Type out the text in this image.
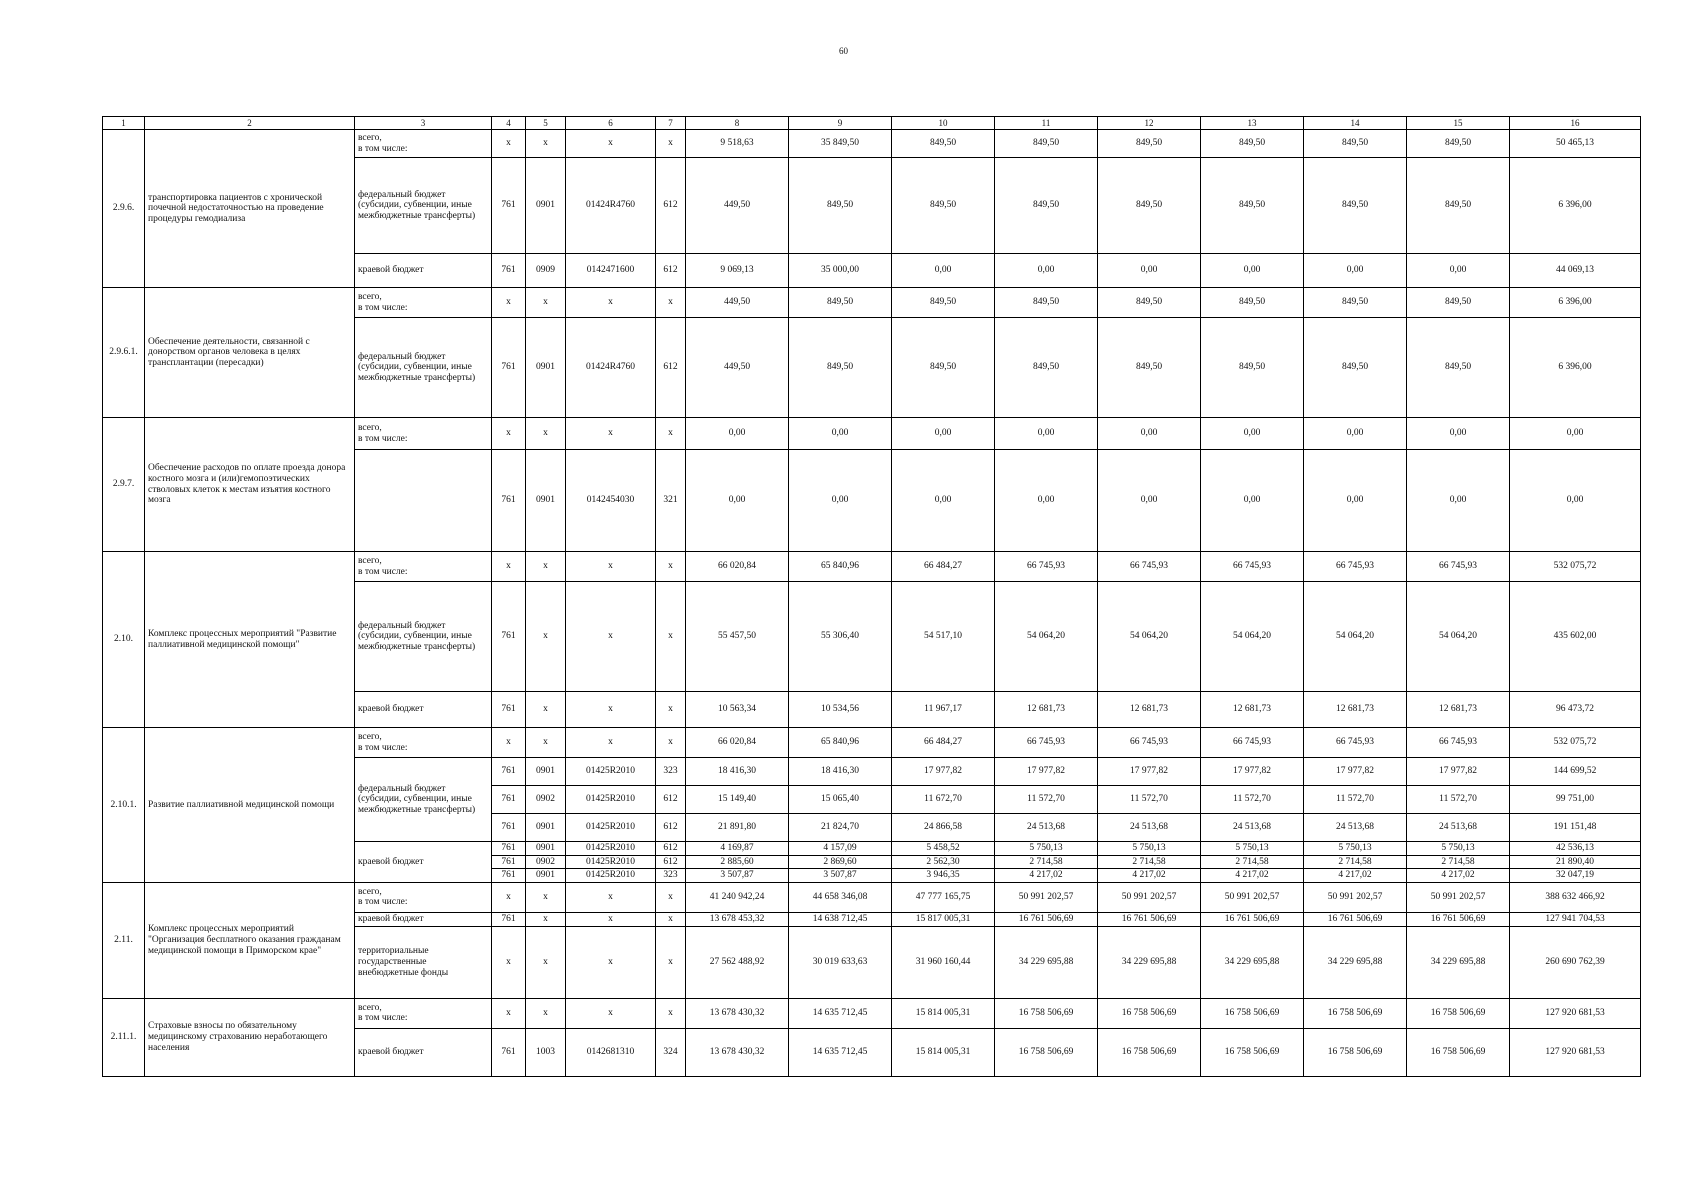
60
1	2	3	4	5	6	7	8	9	10	11	12	13	14	15	16
2.9.6.	транспортировка пациентов с хронической почечной недостаточностью на проведение процедуры гемодиализа	всего,
в том числе:	x	x	x	x	9 518,63	35 849,50	849,50	849,50	849,50	849,50	849,50	849,50	50 465,13
		федеральный бюджет (субсидии, субвенции, иные межбюджетные трансферты)	761	0901	01424R4760	612	449,50	849,50	849,50	849,50	849,50	849,50	849,50	849,50	6 396,00
		краевой бюджет	761	0909	0142471600	612	9 069,13	35 000,00	0,00	0,00	0,00	0,00	0,00	0,00	44 069,13
2.9.6.1.	Обеспечение деятельности, связанной с донорством органов человека в целях трансплантации (пересадки)	всего,
в том числе:	x	x	x	x	449,50	849,50	849,50	849,50	849,50	849,50	849,50	849,50	6 396,00
		федеральный бюджет (субсидии, субвенции, иные межбюджетные трансферты)	761	0901	01424R4760	612	449,50	849,50	849,50	849,50	849,50	849,50	849,50	849,50	6 396,00
2.9.7.	Обеспечение расходов по оплате проезда донора костного мозга и (или)гемопоэтических стволовых клеток к местам изъятия костного мозга	всего,
в том числе:	x	x	x	x	0,00	0,00	0,00	0,00	0,00	0,00	0,00	0,00	0,00
			761	0901	0142454030	321	0,00	0,00	0,00	0,00	0,00	0,00	0,00	0,00	0,00
2.10.	Комплекс процессных мероприятий "Развитие паллиативной медицинской помощи"	всего,
в том числе:	x	x	x	x	66 020,84	65 840,96	66 484,27	66 745,93	66 745,93	66 745,93	66 745,93	66 745,93	532 075,72
		федеральный бюджет (субсидии, субвенции, иные межбюджетные трансферты)	761	x	x	x	55 457,50	55 306,40	54 517,10	54 064,20	54 064,20	54 064,20	54 064,20	54 064,20	435 602,00
		краевой бюджет	761	x	x	x	10 563,34	10 534,56	11 967,17	12 681,73	12 681,73	12 681,73	12 681,73	12 681,73	96 473,72
2.10.1.	Развитие паллиативной медицинской помощи	всего,
в том числе:	x	x	x	x	66 020,84	65 840,96	66 484,27	66 745,93	66 745,93	66 745,93	66 745,93	66 745,93	532 075,72
		федеральный бюджет (субсидии, субвенции, иные межбюджетные трансферты)	761	0901	01425R2010	323	18 416,30	18 416,30	17 977,82	17 977,82	17 977,82	17 977,82	17 977,82	17 977,82	144 699,52
			761	0902	01425R2010	612	15 149,40	15 065,40	11 672,70	11 572,70	11 572,70	11 572,70	11 572,70	11 572,70	99 751,00
			761	0901	01425R2010	612	21 891,80	21 824,70	24 866,58	24 513,68	24 513,68	24 513,68	24 513,68	24 513,68	191 151,48
		краевой бюджет	761	0901	01425R2010	612	4 169,87	4 157,09	5 458,52	5 750,13	5 750,13	5 750,13	5 750,13	5 750,13	42 536,13
			761	0902	01425R2010	612	2 885,60	2 869,60	2 562,30	2 714,58	2 714,58	2 714,58	2 714,58	2 714,58	21 890,40
			761	0901	01425R2010	323	3 507,87	3 507,87	3 946,35	4 217,02	4 217,02	4 217,02	4 217,02	4 217,02	32 047,19
2.11.	Комплекс процессных мероприятий "Организация бесплатного оказания гражданам медицинской помощи в Приморском крае"	всего,
в том числе:	x	x	x	x	41 240 942,24	44 658 346,08	47 777 165,75	50 991 202,57	50 991 202,57	50 991 202,57	50 991 202,57	50 991 202,57	388 632 466,92
		краевой бюджет	761	x	x	x	13 678 453,32	14 638 712,45	15 817 005,31	16 761 506,69	16 761 506,69	16 761 506,69	16 761 506,69	16 761 506,69	127 941 704,53
		территориальные государственные внебюджетные фонды	x	x	x	x	27 562 488,92	30 019 633,63	31 960 160,44	34 229 695,88	34 229 695,88	34 229 695,88	34 229 695,88	34 229 695,88	260 690 762,39
2.11.1.	Страховые взносы по обязательному медицинскому страхованию неработающего населения	всего,
в том числе:	x	x	x	x	13 678 430,32	14 635 712,45	15 814 005,31	16 758 506,69	16 758 506,69	16 758 506,69	16 758 506,69	16 758 506,69	127 920 681,53
		краевой бюджет	761	1003	0142681310	324	13 678 430,32	14 635 712,45	15 814 005,31	16 758 506,69	16 758 506,69	16 758 506,69	16 758 506,69	16 758 506,69	127 920 681,53
